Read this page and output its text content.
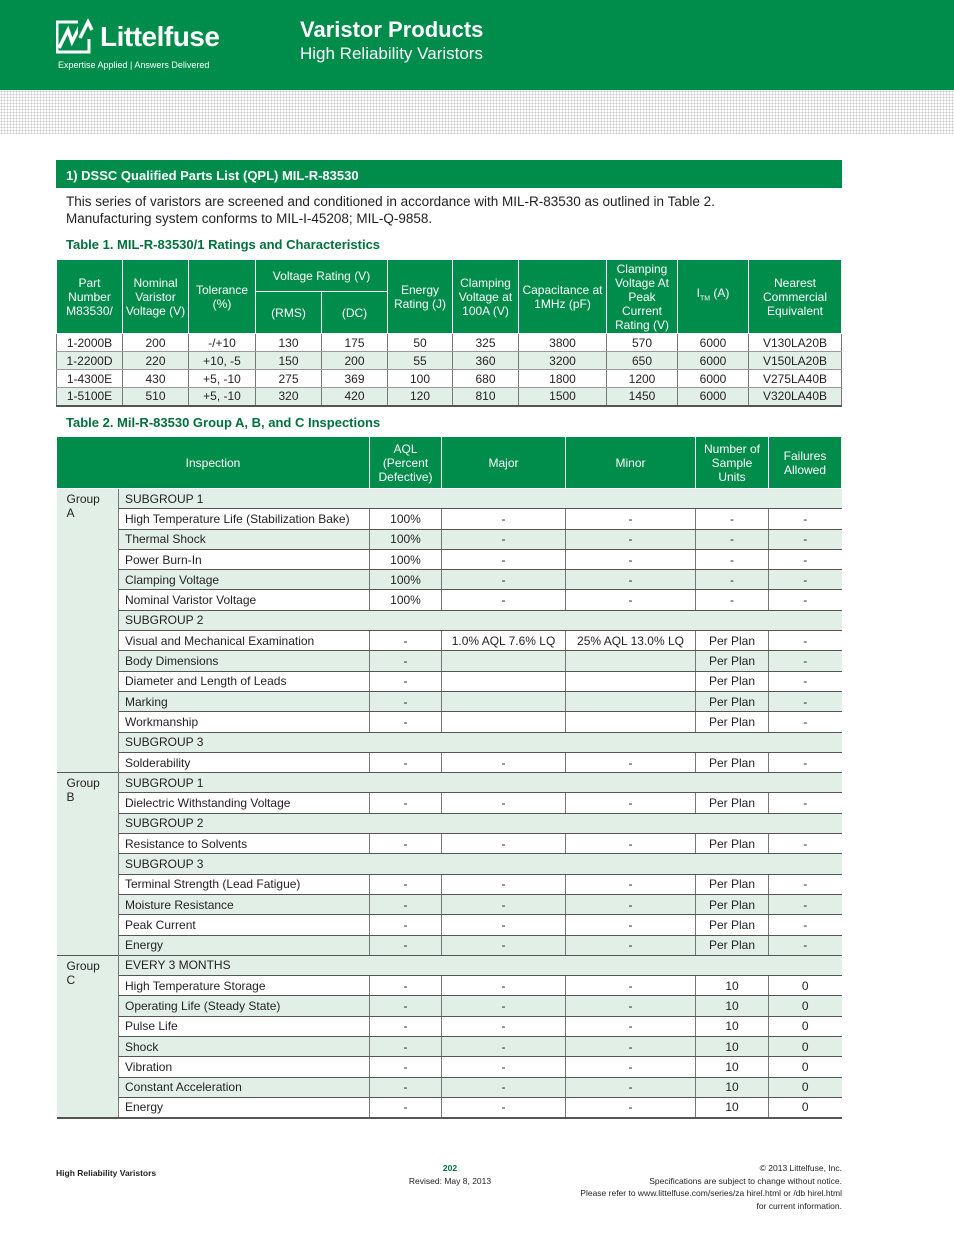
Littelfuse
Expertise Applied | Answers Delivered
Varistor Products
High Reliability Varistors
1) DSSC Qualified Parts List (QPL) MIL-R-83530
This series of varistors are screened and conditioned in accordance with MIL-R-83530 as outlined in Table 2.
Manufacturing system conforms to MIL-I-45208; MIL-Q-9858.
Table 1. MIL-R-83530/1 Ratings and Characteristics
Part Number M83530/	Nominal Varistor Voltage (V)	Tolerance (%)	Voltage Rating (V)		Energy Rating (J)	Clamping Voltage at 100A (V)	Capacitance at 1MHz (pF)	Clamping Voltage At Peak Current Rating (V)	$I_{TM}$ (A)	Nearest Commercial Equivalent
			(RMS)	(DC)						
1-2000B	200	-/+10	130	175	50	325	3800	570	6000	V130LA20B
1-2200D	220	+10, -5	150	200	55	360	3200	650	6000	V150LA20B
1-4300E	430	+5, -10	275	369	100	680	1800	1200	6000	V275LA40B
1-5100E	510	+5, -10	320	420	120	810	1500	1450	6000	V320LA40B
Table 2. Mil-R-83530 Group A, B, and C Inspections
Inspection		AQL (Percent Defective)	Major	Minor	Number of Sample Units	Failures Allowed
Group A	SUBGROUP 1					
	High Temperature Life (Stabilization Bake)	100%	-	-	-	-
	Thermal Shock	100%	-	-	-	-
	Power Burn-In	100%	-	-	-	-
	Clamping Voltage	100%	-	-	-	-
	Nominal Varistor Voltage	100%	-	-	-	-
	SUBGROUP 2					
	Visual and Mechanical Examination	-	1.0% AQL 7.6% LQ	25% AQL 13.0% LQ	Per Plan	-
	Body Dimensions	-			Per Plan	-
	Diameter and Length of Leads	-			Per Plan	-
	Marking	-			Per Plan	-
	Workmanship	-			Per Plan	-
	SUBGROUP 3					
	Solderability	-	-	-	Per Plan	-
Group B	SUBGROUP 1					
	Dielectric Withstanding Voltage	-	-	-	Per Plan	-
	SUBGROUP 2					
	Resistance to Solvents	-	-	-	Per Plan	-
	SUBGROUP 3					
	Terminal Strength (Lead Fatigue)	-	-	-	Per Plan	-
	Moisture Resistance	-	-	-	Per Plan	-
	Peak Current	-	-	-	Per Plan	-
	Energy	-	-	-	Per Plan	-
Group C	EVERY 3 MONTHS					
	High Temperature Storage	-	-	-	10	0
	Operating Life (Steady State)	-	-	-	10	0
	Pulse Life	-	-	-	10	0
	Shock	-	-	-	10	0
	Vibration	-	-	-	10	0
	Constant Acceleration	-	-	-	10	0
	Energy	-	-	-	10	0
High Reliability Varistors	202
Revised: May 8, 2013
© 2013 Littelfuse, Inc.
Specifications are subject to change without notice.
Please refer to www.littelfuse.com/series/za hirel.html or /db hirel.html
for current information.
